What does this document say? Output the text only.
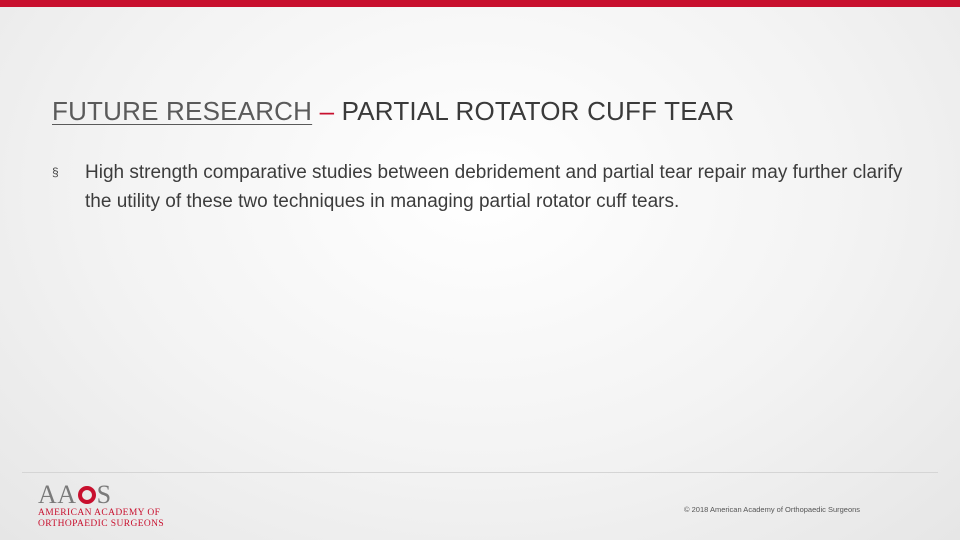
FUTURE RESEARCH – PARTIAL ROTATOR CUFF TEAR
§ High strength comparative studies between debridement and partial tear repair may further clarify the utility of these two techniques in managing partial rotator cuff tears.
AA S
AMERICAN ACADEMY OF
ORTHOPAEDIC SURGEONS
© 2018 American Academy of Orthopaedic Surgeons
